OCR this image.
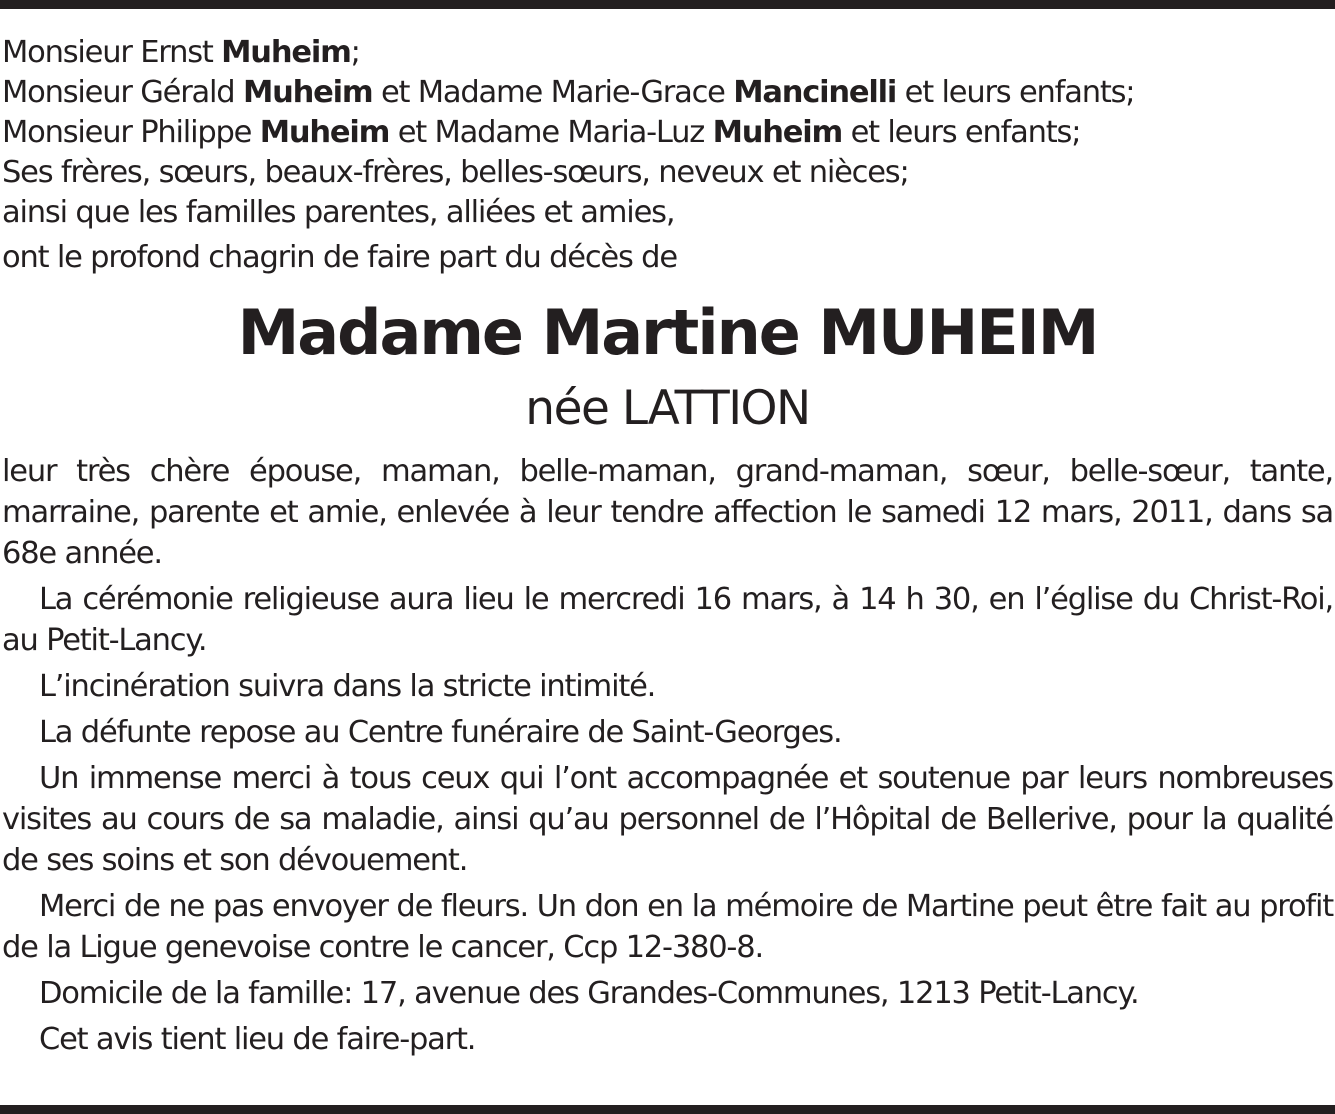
Monsieur Ernst Muheim;
Monsieur Gérald Muheim et Madame Marie-Grace Mancinelli et leurs enfants;
Monsieur Philippe Muheim et Madame Maria-Luz Muheim et leurs enfants;
Ses frères, sœurs, beaux-frères, belles-sœurs, neveux et nièces;
ainsi que les familles parentes, alliées et amies,
ont le profond chagrin de faire part du décès de
Madame Martine MUHEIM
née LATTION
leur très chère épouse, maman, belle-maman, grand-maman, sœur, belle-sœur, tante, marraine, parente et amie, enlevée à leur tendre affection le samedi 12 mars, 2011, dans sa 68e année.
La cérémonie religieuse aura lieu le mercredi 16 mars, à 14 h 30, en l’église du Christ-Roi, au Petit-Lancy.
L’incinération suivra dans la stricte intimité.
La défunte repose au Centre funéraire de Saint-Georges.
Un immense merci à tous ceux qui l’ont accompagnée et soutenue par leurs nombreuses visites au cours de sa maladie, ainsi qu’au personnel de l’Hôpital de Bellerive, pour la qualité de ses soins et son dévouement.
Merci de ne pas envoyer de fleurs. Un don en la mémoire de Martine peut être fait au profit de la Ligue genevoise contre le cancer, Ccp 12-380-8.
Domicile de la famille: 17, avenue des Grandes-Communes, 1213 Petit-Lancy.
Cet avis tient lieu de faire-part.
